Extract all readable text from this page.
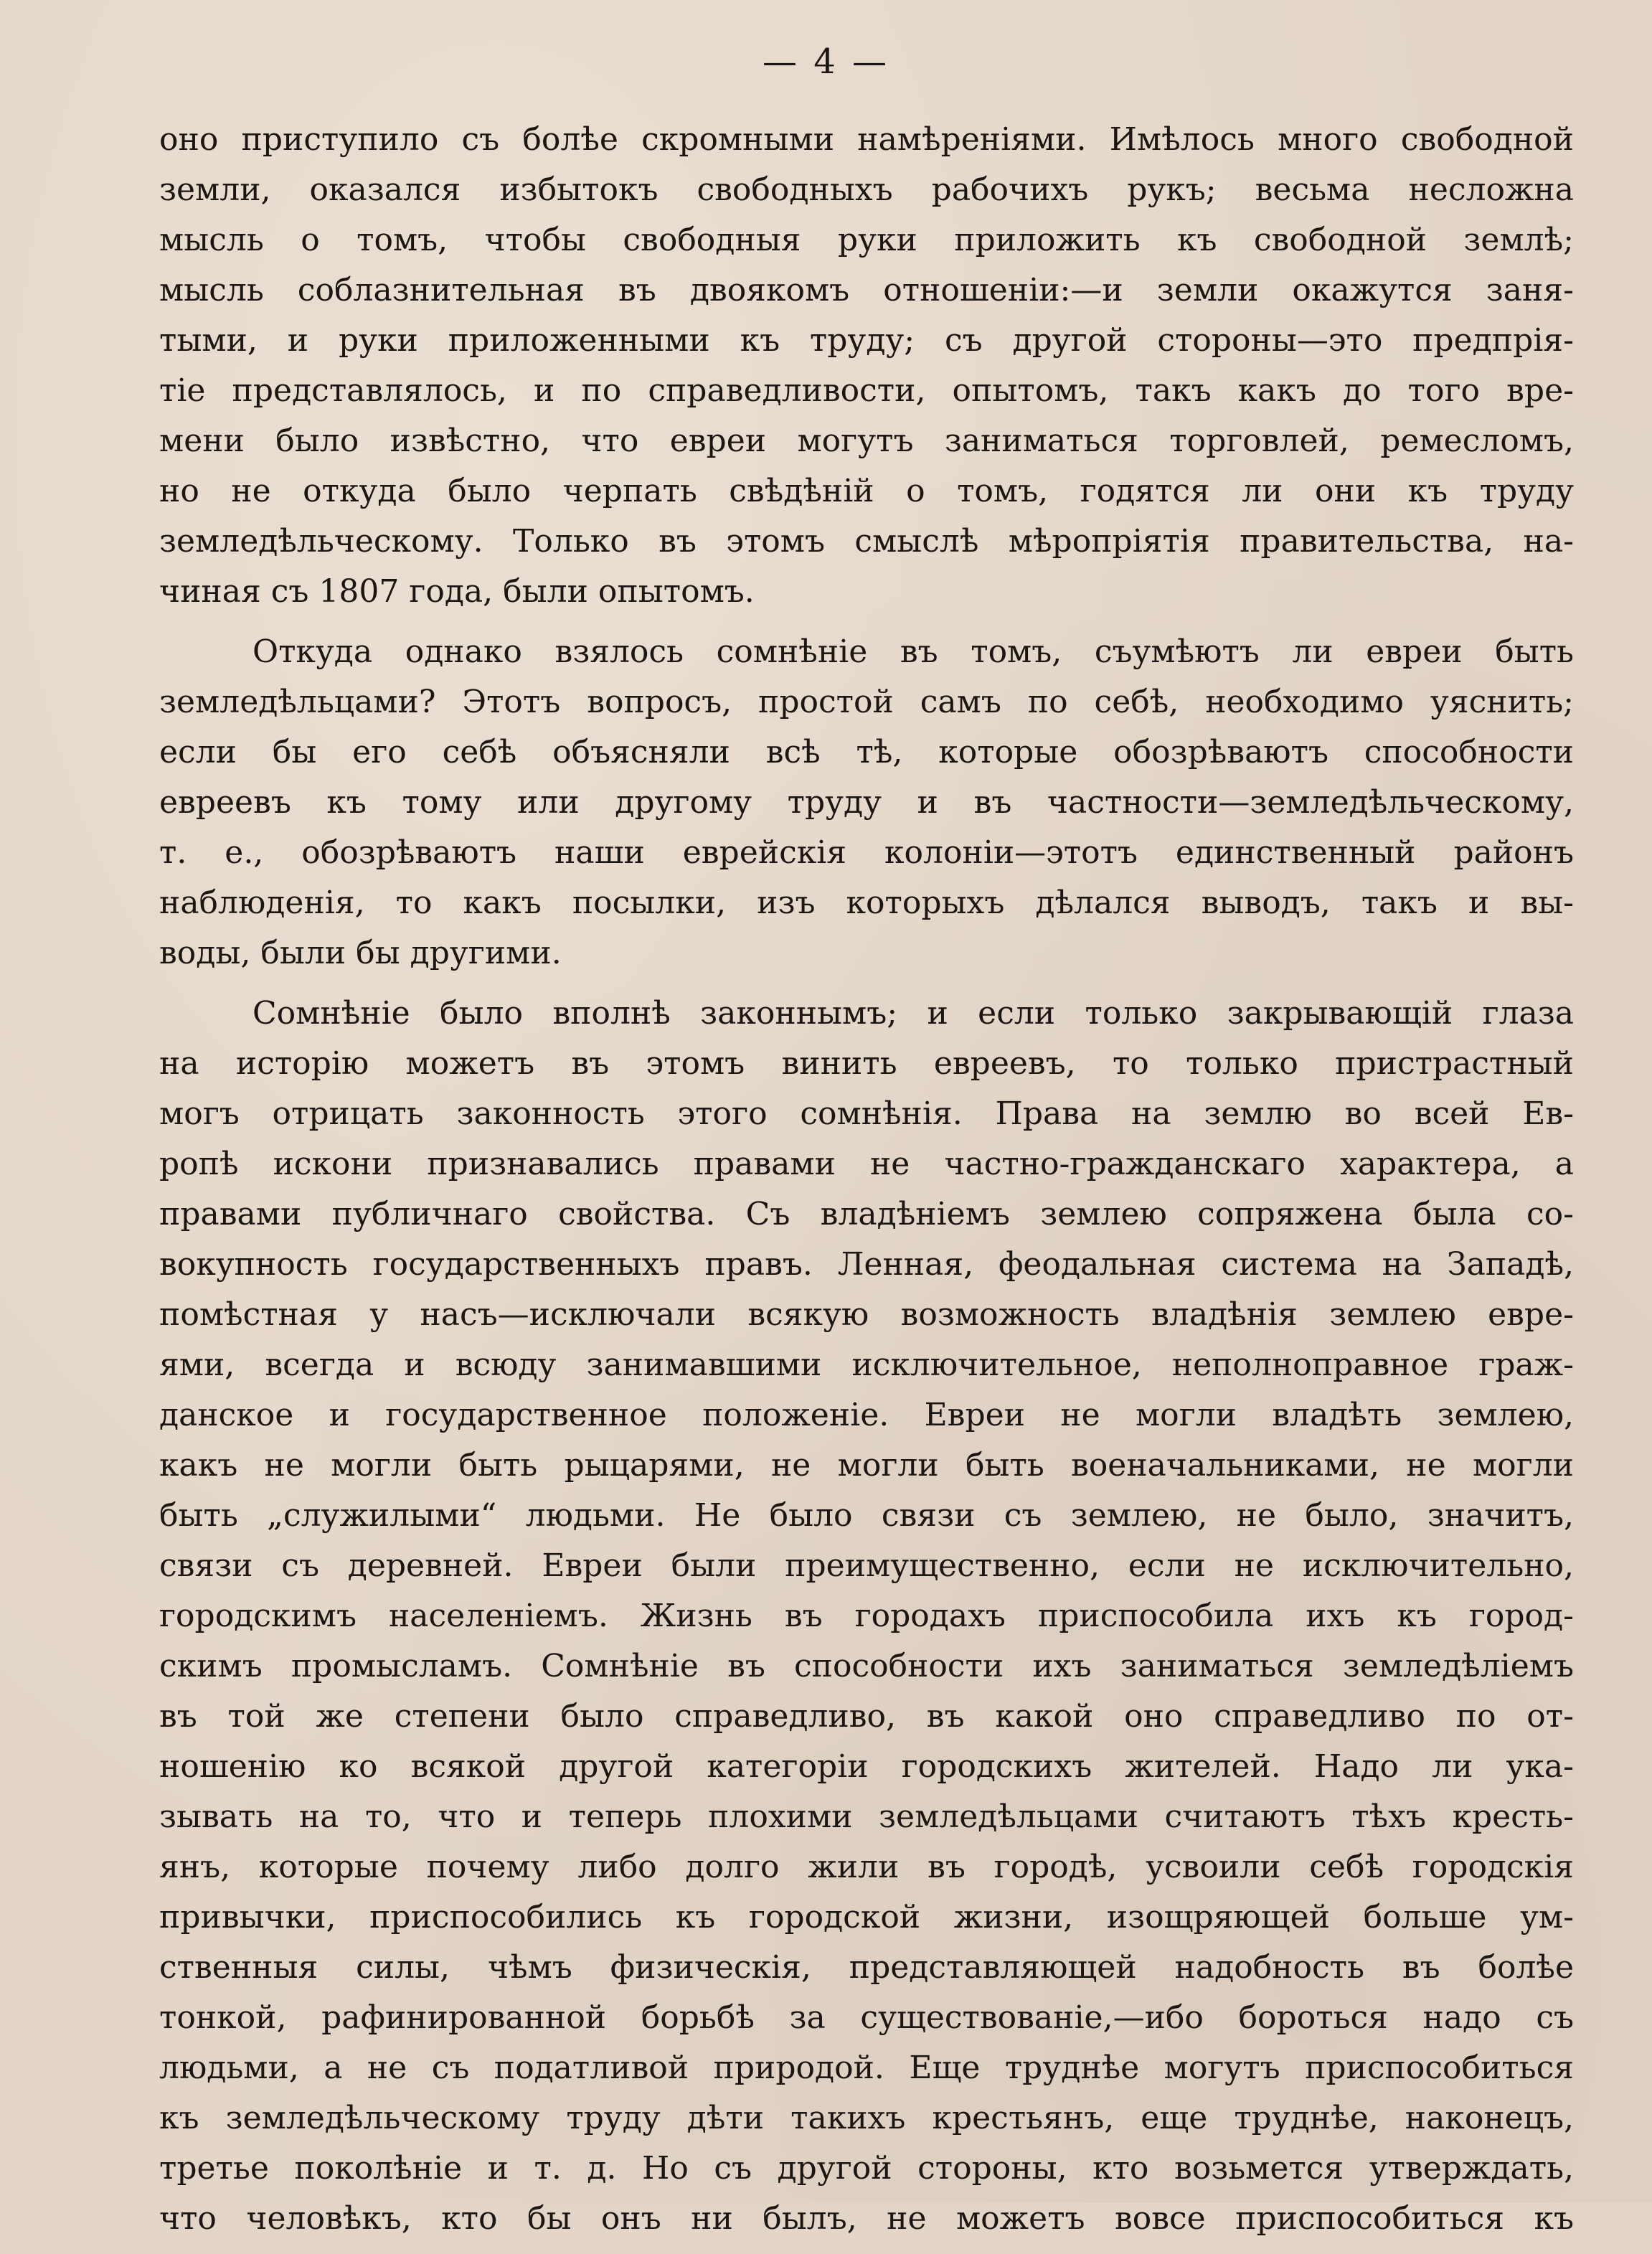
— 4 —
оно приступило съ болѣе скромными намѣреніями. Имѣлось много свободной
земли, оказался избытокъ свободныхъ рабочихъ рукъ; весьма несложна
мысль о томъ, чтобы свободныя руки приложить къ свободной землѣ;
мысль соблазнительная въ двоякомъ отношеніи:—и земли окажутся заня-
тыми, и руки приложенными къ труду; съ другой стороны—это предпрія-
тіе представлялось, и по справедливости, опытомъ, такъ какъ до того вре-
мени было извѣстно, что евреи могутъ заниматься торговлей, ремесломъ,
но не откуда было черпать свѣдѣній о томъ, годятся ли они къ труду
земледѣльческому. Только въ этомъ смыслѣ мѣропріятія правительства, на-
чиная съ 1807 года, были опытомъ.
Откуда однако взялось сомнѣніе въ томъ, съумѣютъ ли евреи быть
земледѣльцами? Этотъ вопросъ, простой самъ по себѣ, необходимо уяснить;
если бы его себѣ объясняли всѣ тѣ, которые обозрѣваютъ способности
евреевъ къ тому или другому труду и въ частности—земледѣльческому,
т. е., обозрѣваютъ наши еврейскія колоніи—этотъ единственный районъ
наблюденія, то какъ посылки, изъ которыхъ дѣлался выводъ, такъ и вы-
воды, были бы другими.
Сомнѣніе было вполнѣ законнымъ; и если только закрывающій глаза
на исторію можетъ въ этомъ винить евреевъ, то только пристрастный
могъ отрицать законность этого сомнѣнія. Права на землю во всей Ев-
ропѣ искони признавались правами не частно-гражданскаго характера, а
правами публичнаго свойства. Съ владѣніемъ землею сопряжена была со-
вокупность государственныхъ правъ. Ленная, феодальная система на Западѣ,
помѣстная у насъ—исключали всякую возможность владѣнія землею евре-
ями, всегда и всюду занимавшими исключительное, неполноправное граж-
данское и государственное положеніе. Евреи не могли владѣть землею,
какъ не могли быть рыцарями, не могли быть военачальниками, не могли
быть „служилыми“ людьми. Не было связи съ землею, не было, значитъ,
связи съ деревней. Евреи были преимущественно, если не исключительно,
городскимъ населеніемъ. Жизнь въ городахъ приспособила ихъ къ город-
скимъ промысламъ. Сомнѣніе въ способности ихъ заниматься земледѣліемъ
въ той же степени было справедливо, въ какой оно справедливо по от-
ношенію ко всякой другой категоріи городскихъ жителей. Надо ли ука-
зывать на то, что и теперь плохими земледѣльцами считаютъ тѣхъ кресть-
янъ, которые почему либо долго жили въ городѣ, усвоили себѣ городскія
привычки, приспособились къ городской жизни, изощряющей больше ум-
ственныя силы, чѣмъ физическія, представляющей надобность въ болѣе
тонкой, рафинированной борьбѣ за существованіе,—ибо бороться надо съ
людьми, а не съ податливой природой. Еще труднѣе могутъ приспособиться
къ земледѣльческому труду дѣти такихъ крестьянъ, еще труднѣе, наконецъ,
третье поколѣніе и т. д. Но съ другой стороны, кто возьмется утверждать,
что человѣкъ, кто бы онъ ни былъ, не можетъ вовсе приспособиться къ
